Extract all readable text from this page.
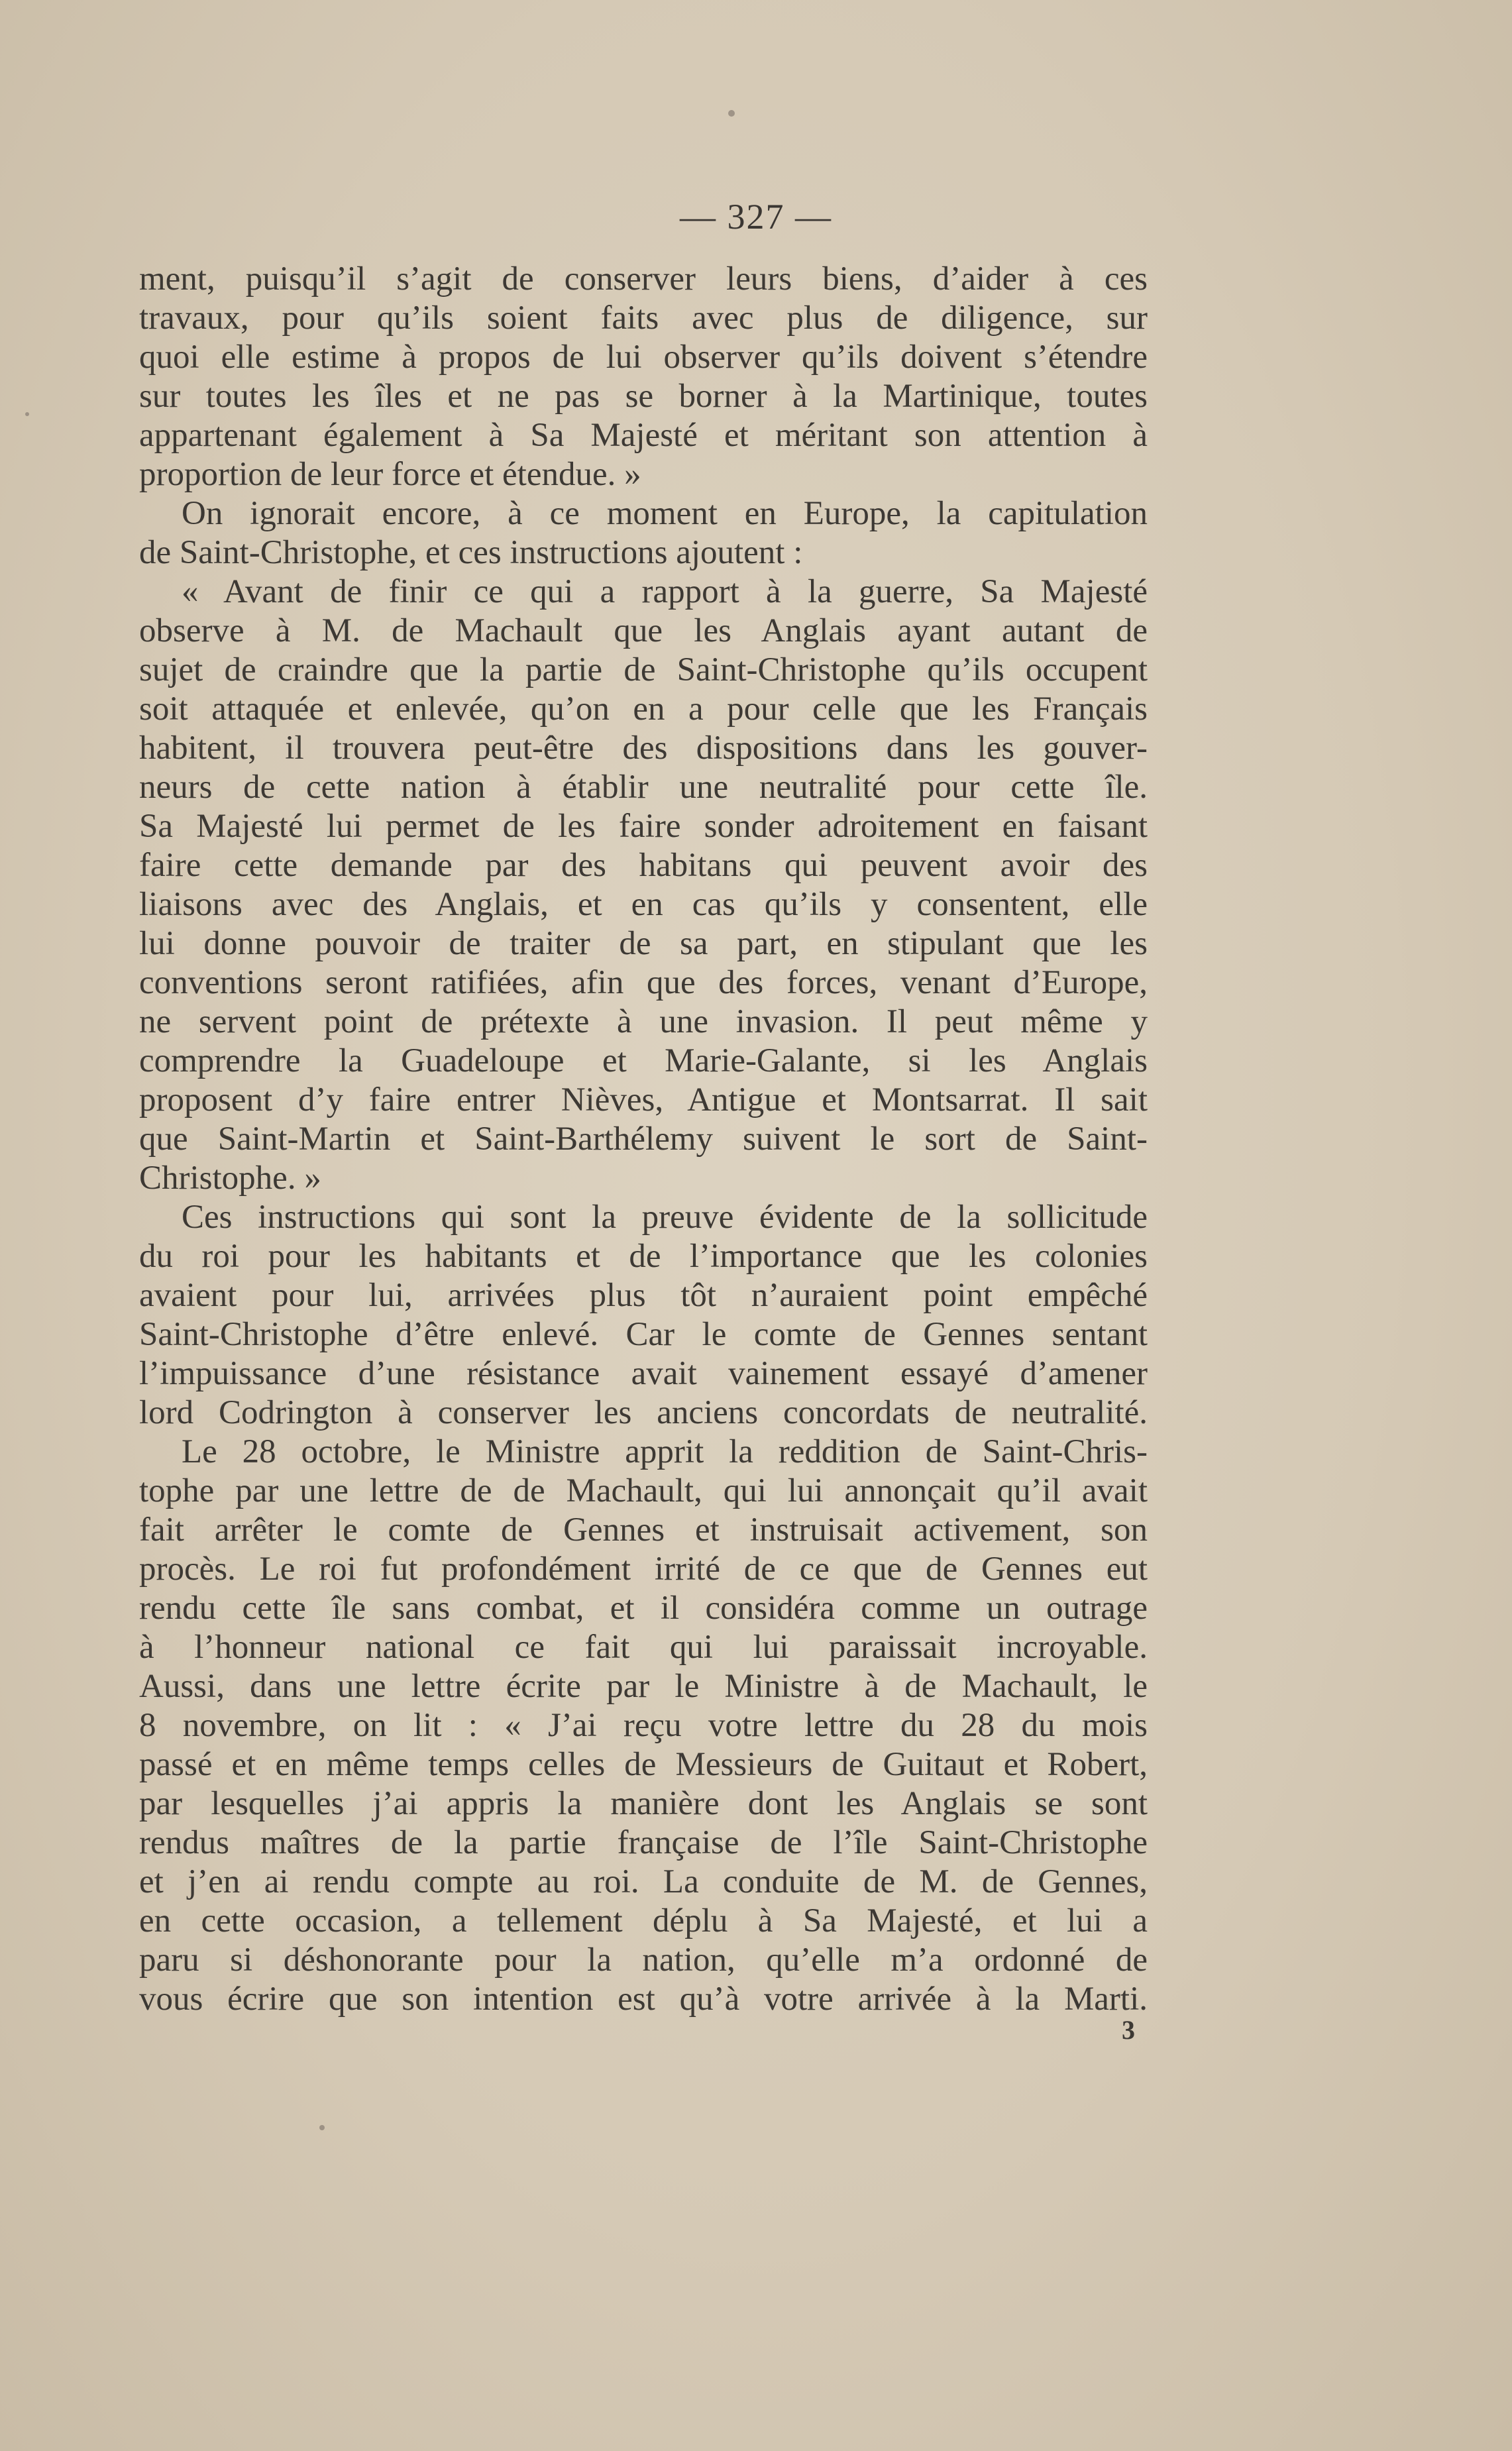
— 327 —
ment, puisqu’il s’agit de conserver leurs biens, d’aider à ces
travaux, pour qu’ils soient faits avec plus de diligence, sur
quoi elle estime à propos de lui observer qu’ils doivent s’étendre
sur toutes les îles et ne pas se borner à la Martinique, toutes
appartenant également à Sa Majesté et méritant son attention à
proportion de leur force et étendue. »
On ignorait encore, à ce moment en Europe, la capitulation
de Saint-Christophe, et ces instructions ajoutent :
« Avant de finir ce qui a rapport à la guerre, Sa Majesté
observe à M. de Machault que les Anglais ayant autant de
sujet de craindre que la partie de Saint-Christophe qu’ils occupent
soit attaquée et enlevée, qu’on en a pour celle que les Français
habitent, il trouvera peut-être des dispositions dans les gouver-
neurs de cette nation à établir une neutralité pour cette île.
Sa Majesté lui permet de les faire sonder adroitement en faisant
faire cette demande par des habitans qui peuvent avoir des
liaisons avec des Anglais, et en cas qu’ils y consentent, elle
lui donne pouvoir de traiter de sa part, en stipulant que les
conventions seront ratifiées, afin que des forces, venant d’Europe,
ne servent point de prétexte à une invasion. Il peut même y
comprendre la Guadeloupe et Marie-Galante, si les Anglais
proposent d’y faire entrer Nièves, Antigue et Montsarrat. Il sait
que Saint-Martin et Saint-Barthélemy suivent le sort de Saint-
Christophe. »
Ces instructions qui sont la preuve évidente de la sollicitude
du roi pour les habitants et de l’importance que les colonies
avaient pour lui, arrivées plus tôt n’auraient point empêché
Saint-Christophe d’être enlevé. Car le comte de Gennes sentant
l’impuissance d’une résistance avait vainement essayé d’amener
lord Codrington à conserver les anciens concordats de neutralité.
Le 28 octobre, le Ministre apprit la reddition de Saint-Chris-
tophe par une lettre de de Machault, qui lui annonçait qu’il avait
fait arrêter le comte de Gennes et instruisait activement, son
procès. Le roi fut profondément irrité de ce que de Gennes eut
rendu cette île sans combat, et il considéra comme un outrage
à l’honneur national ce fait qui lui paraissait incroyable.
Aussi, dans une lettre écrite par le Ministre à de Machault, le
8 novembre, on lit : « J’ai reçu votre lettre du 28 du mois
passé et en même temps celles de Messieurs de Guitaut et Robert,
par lesquelles j’ai appris la manière dont les Anglais se sont
rendus maîtres de la partie française de l’île Saint-Christophe
et j’en ai rendu compte au roi. La conduite de M. de Gennes,
en cette occasion, a tellement déplu à Sa Majesté, et lui a
paru si déshonorante pour la nation, qu’elle m’a ordonné de
vous écrire que son intention est qu’à votre arrivée à la Marti.
3
